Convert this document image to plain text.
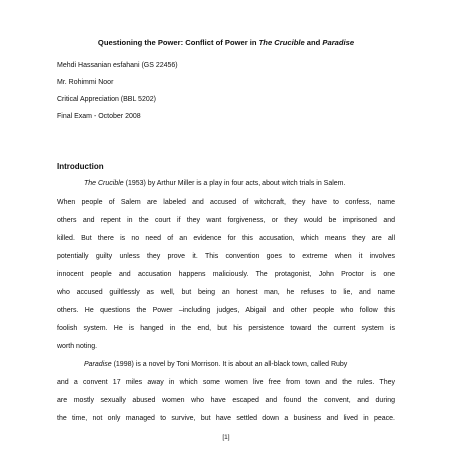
Questioning the Power: Conflict of Power in The Crucible and Paradise
Mehdi Hassanian esfahani (GS 22456)
Mr. Rohimmi Noor
Critical Appreciation (BBL 5202)
Final Exam - October 2008
Introduction
The Crucible (1953) by Arthur Miller is a play in four acts, about witch trials in Salem.
When people of Salem are labeled and accused of witchcraft, they have to confess, name
others and repent in the court if they want forgiveness, or they would be imprisoned and
killed. But there is no need of an evidence for this accusation, which means they are all
potentially guilty unless they prove it. This convention goes to extreme when it involves
innocent people and accusation happens maliciously. The protagonist, John Proctor is one
who accused guiltlessly as well, but being an honest man, he refuses to lie, and name
others. He questions the Power –including judges, Abigail and other people who follow this
foolish system. He is hanged in the end, but his persistence toward the current system is
worth noting.
Paradise (1998) is a novel by Toni Morrison. It is about an all-black town, called Ruby
and a convent 17 miles away in which some women live free from town and the rules. They
are mostly sexually abused women who have escaped and found the convent, and during
the time, not only managed to survive, but have settled down a business and lived in peace.
[1]
